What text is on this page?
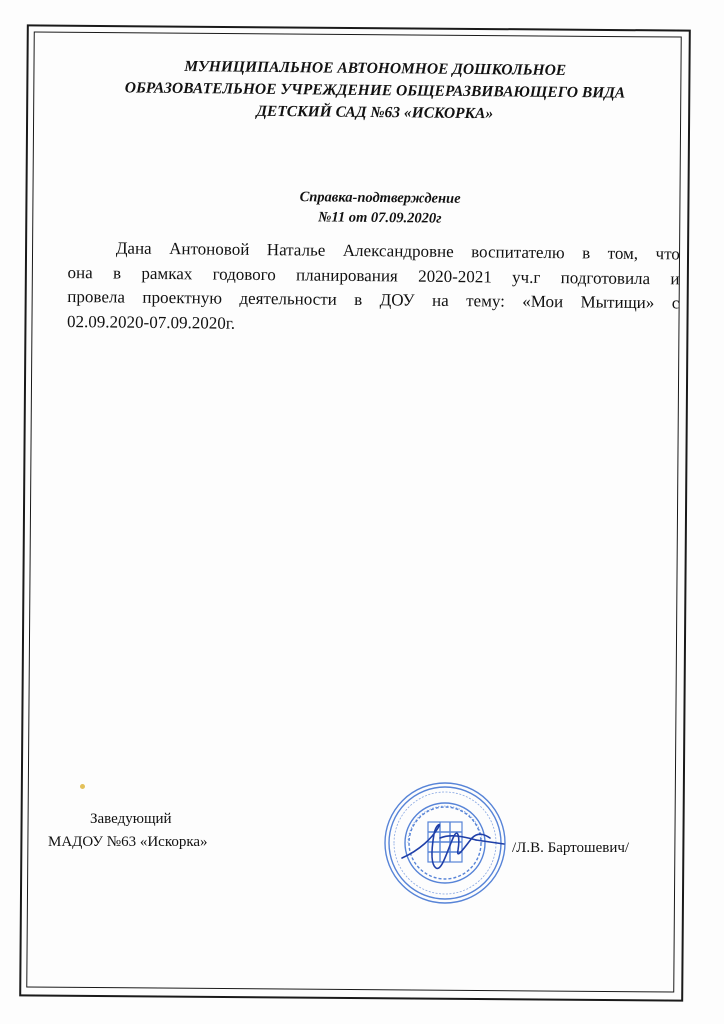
МУНИЦИПАЛЬНОЕ АВТОНОМНОЕ ДОШКОЛЬНОЕ
ОБРАЗОВАТЕЛЬНОЕ УЧРЕЖДЕНИЕ ОБЩЕРАЗВИВАЮЩЕГО ВИДА
ДЕТСКИЙ САД №63 «ИСКОРКА»
Справка-подтверждение
№11 от 07.09.2020г
Дана Антоновой Наталье Александровне воспитателю в том, что
она в рамках годового планирования 2020-2021 уч.г подготовила и
провела проектную деятельности в ДОУ на тему: «Мои Мытищи» с
02.09.2020-07.09.2020г.
Заведующий
МАДОУ №63 «Искорка»	/Л.В. Бартошевич/
